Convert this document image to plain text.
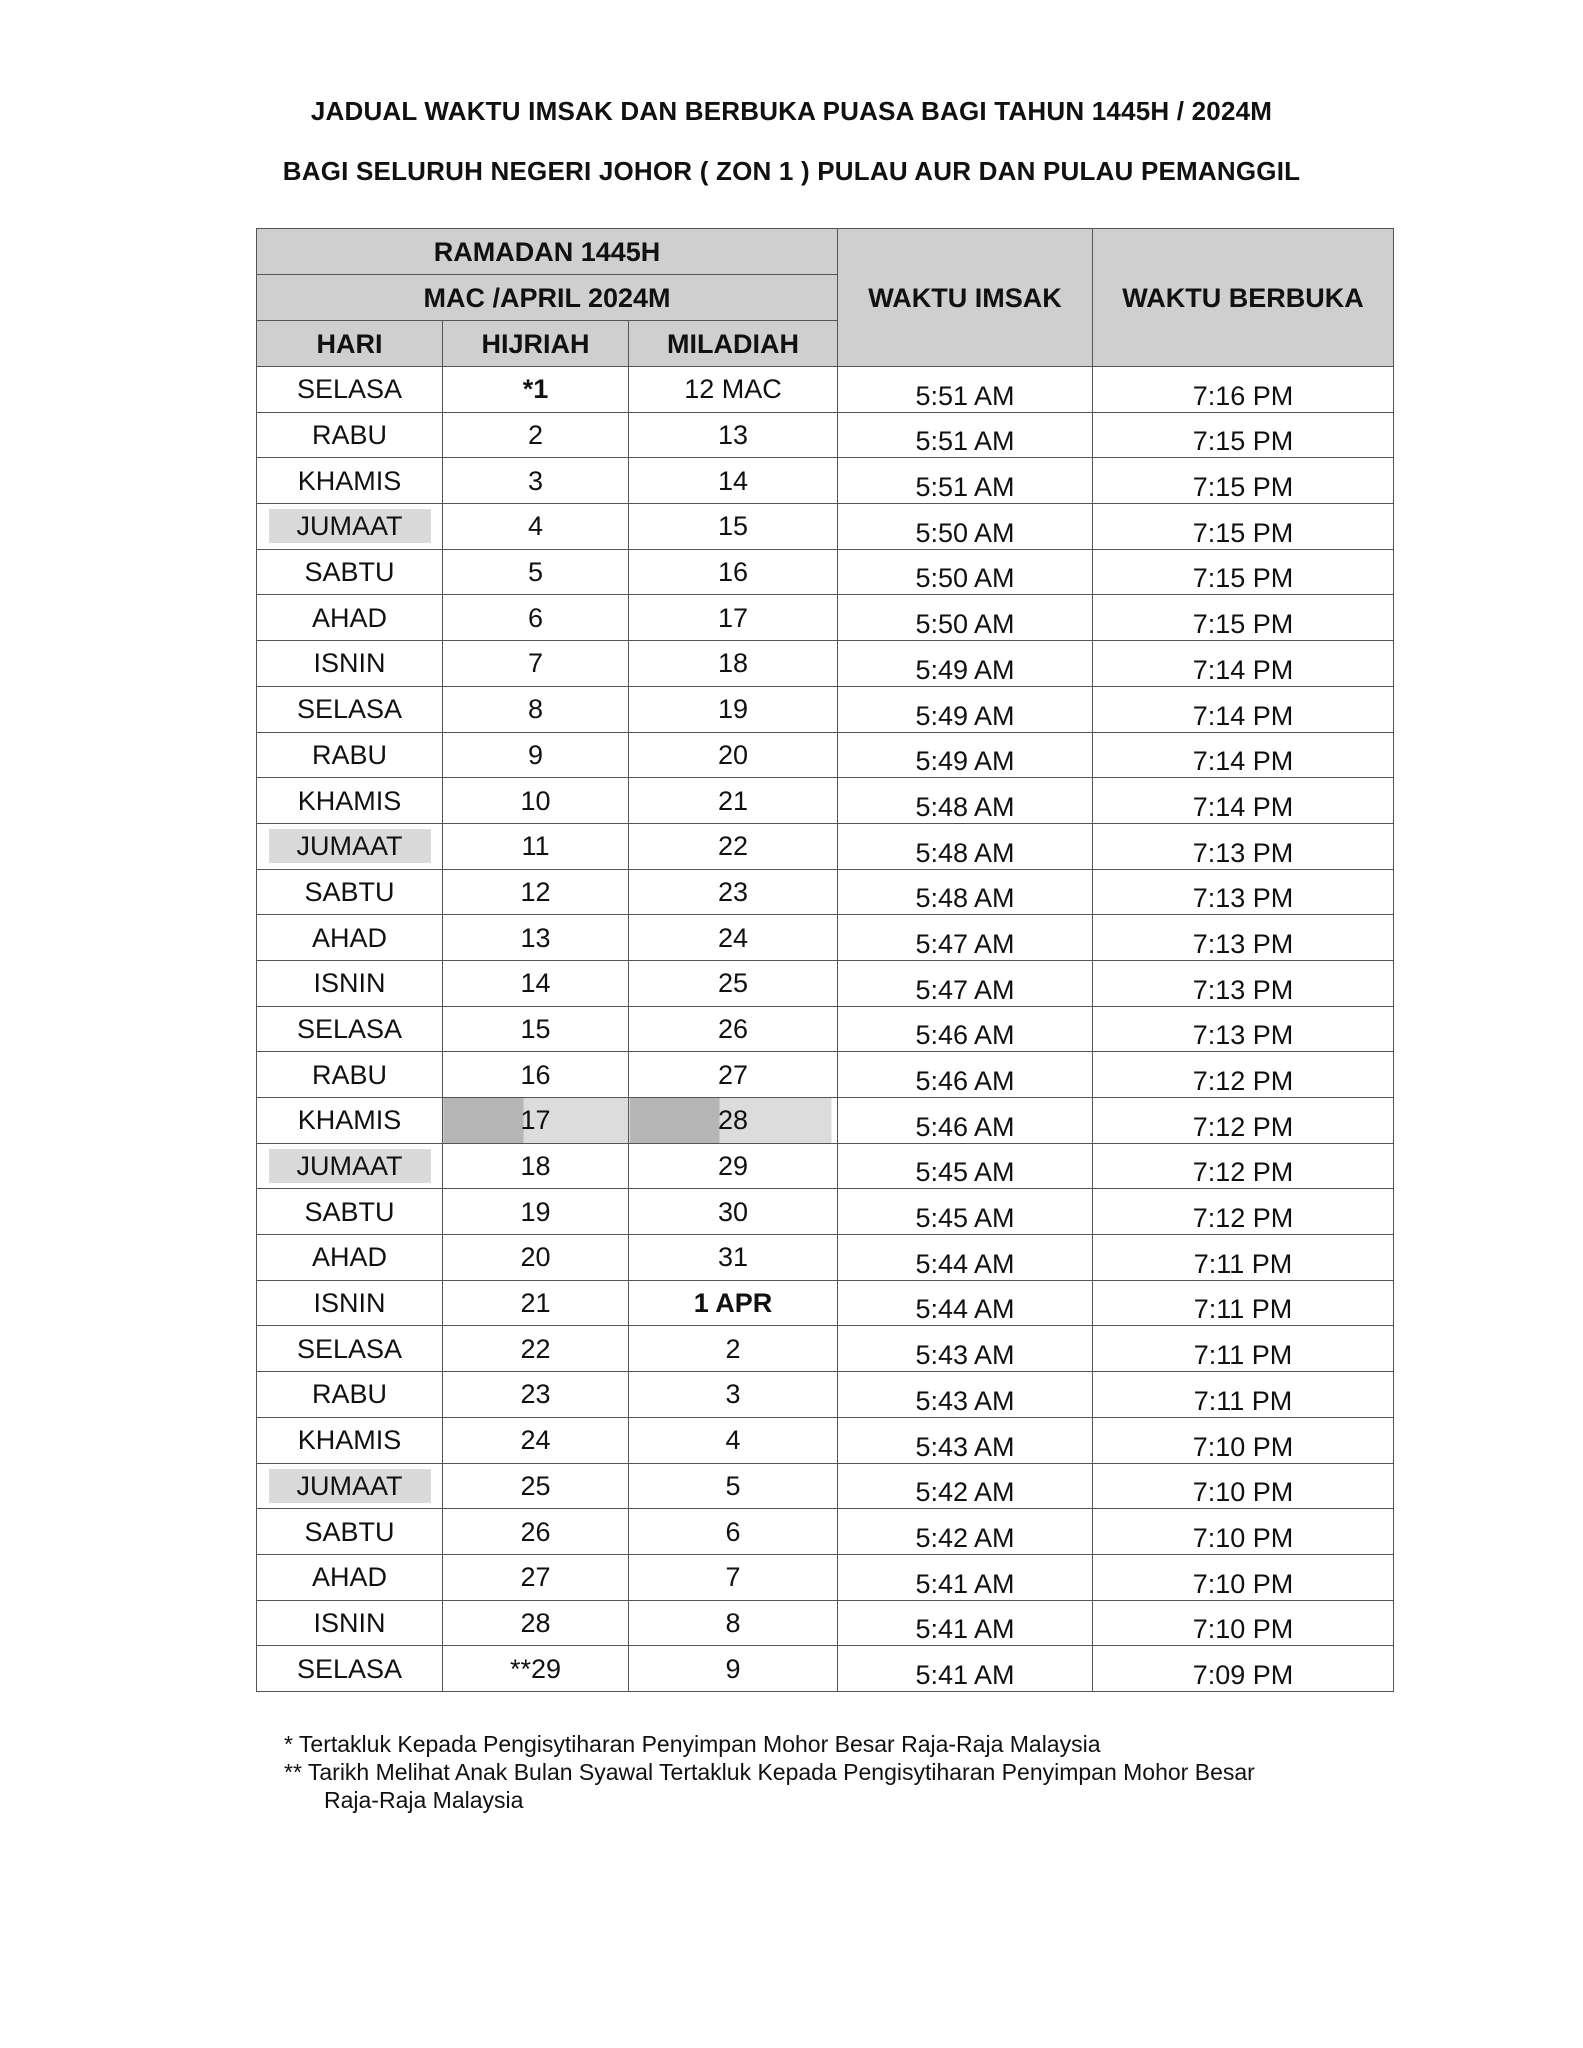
JADUAL WAKTU IMSAK DAN BERBUKA PUASA BAGI TAHUN 1445H / 2024M
BAGI SELURUH NEGERI JOHOR ( ZON 1 ) PULAU AUR DAN PULAU PEMANGGIL
RAMADAN 1445H			WAKTU IMSAK	WAKTU BERBUKA
MAC /APRIL 2024M				
HARI	HIJRIAH	MILADIAH		
SELASA	*1	12 MAC	5:51 AM	7:16 PM
RABU	2	13	5:51 AM	7:15 PM
KHAMIS	3	14	5:51 AM	7:15 PM
JUMAAT	4	15	5:50 AM	7:15 PM
SABTU	5	16	5:50 AM	7:15 PM
AHAD	6	17	5:50 AM	7:15 PM
ISNIN	7	18	5:49 AM	7:14 PM
SELASA	8	19	5:49 AM	7:14 PM
RABU	9	20	5:49 AM	7:14 PM
KHAMIS	10	21	5:48 AM	7:14 PM
JUMAAT	11	22	5:48 AM	7:13 PM
SABTU	12	23	5:48 AM	7:13 PM
AHAD	13	24	5:47 AM	7:13 PM
ISNIN	14	25	5:47 AM	7:13 PM
SELASA	15	26	5:46 AM	7:13 PM
RABU	16	27	5:46 AM	7:12 PM
KHAMIS	17	28	5:46 AM	7:12 PM
JUMAAT	18	29	5:45 AM	7:12 PM
SABTU	19	30	5:45 AM	7:12 PM
AHAD	20	31	5:44 AM	7:11 PM
ISNIN	21	1 APR	5:44 AM	7:11 PM
SELASA	22	2	5:43 AM	7:11 PM
RABU	23	3	5:43 AM	7:11 PM
KHAMIS	24	4	5:43 AM	7:10 PM
JUMAAT	25	5	5:42 AM	7:10 PM
SABTU	26	6	5:42 AM	7:10 PM
AHAD	27	7	5:41 AM	7:10 PM
ISNIN	28	8	5:41 AM	7:10 PM
SELASA	**29	9	5:41 AM	7:09 PM
* Tertakluk Kepada Pengisytiharan Penyimpan Mohor Besar Raja-Raja Malaysia
** Tarikh Melihat Anak Bulan Syawal Tertakluk Kepada Pengisytiharan Penyimpan Mohor Besar
Raja-Raja Malaysia
